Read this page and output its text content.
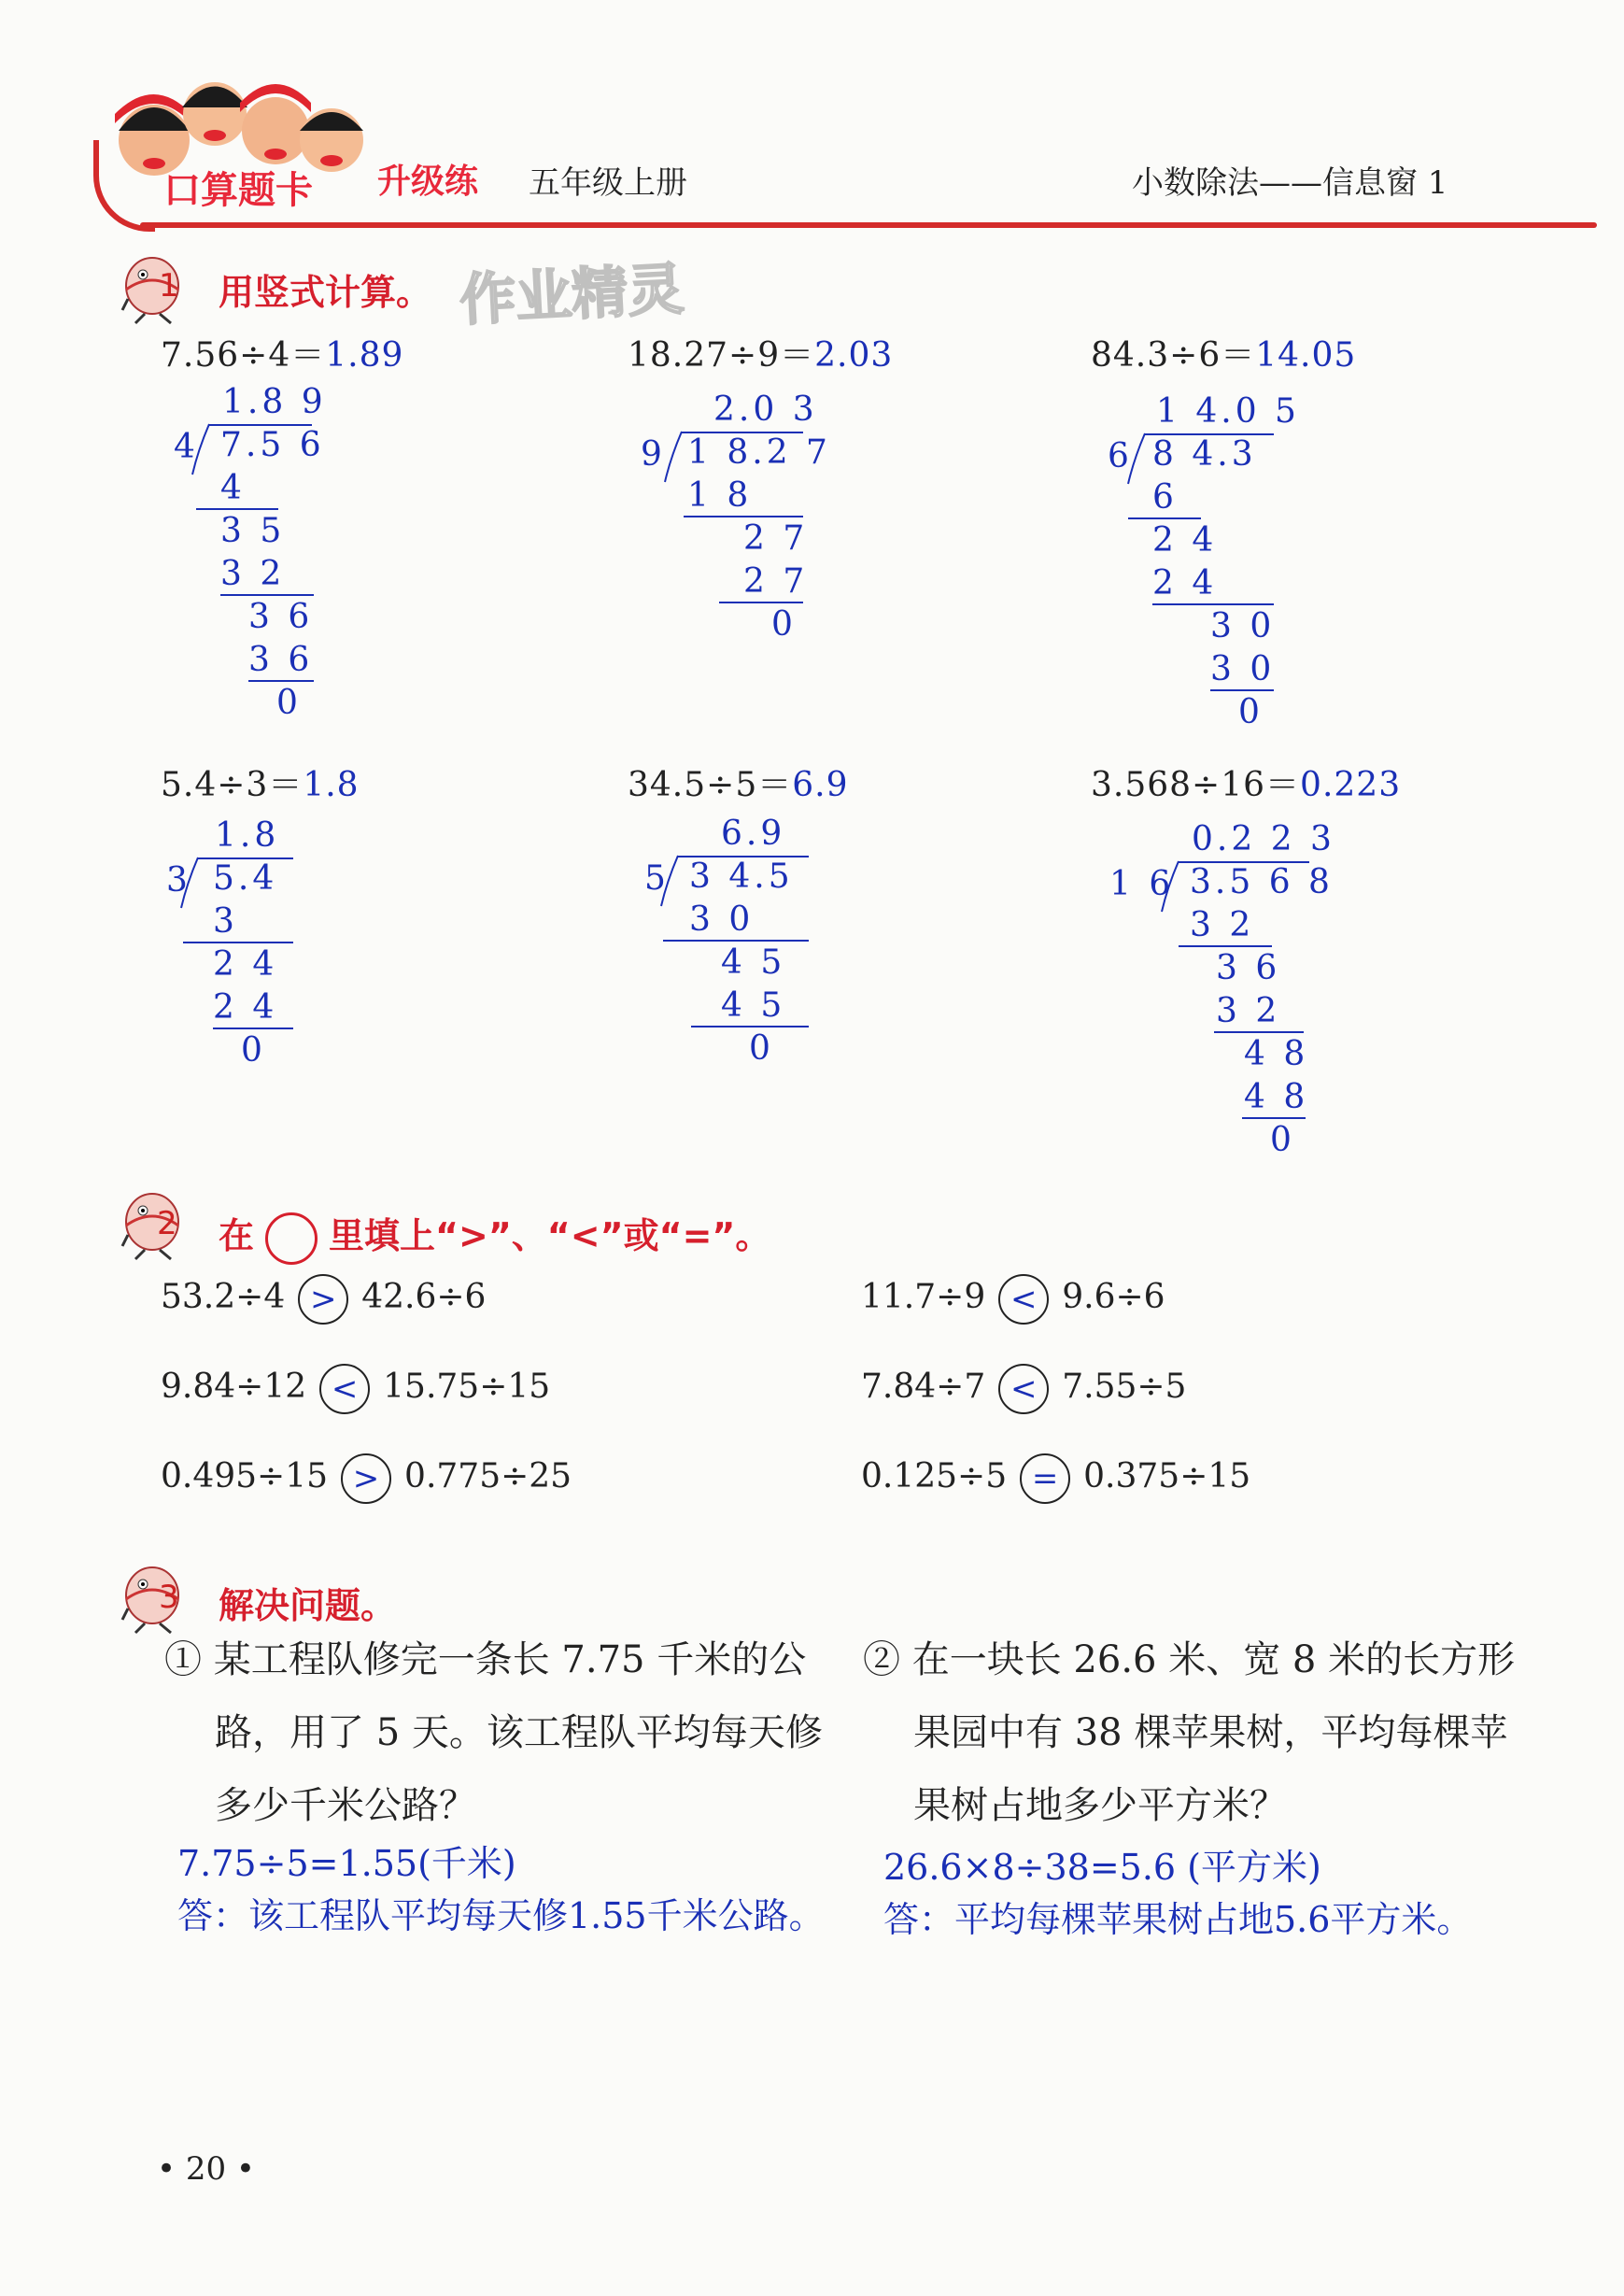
口算题卡 升级练 五年级上册	小数除法——信息窗 1
1 用竖式计算。 作业精灵
7.56÷4＝1.89	18.27÷9＝2.03	84.3÷6＝14.05
1.8 9
4 7.5 6
4
3 5
3 2
3 6
3 6
0
2.0 3
9 1 8.2 7
1 8
2 7
2 7
0
1 4.0 5
6 8 4.3
6
2 4
2 4
3 0
3 0
0
5.4÷3＝1.8	34.5÷5＝6.9	3.568÷16＝0.223
1.8
3 5.4
3
2 4
2 4
0
6.9
5 3 4.5
3 0
4 5
4 5
0
0.2 2 3
1 6 3.5 6 8
3 2
3 6
3 2
4 8
4 8
0
2 在 里填上“>”、“<”或“=”。
53.2÷4 > 42.6÷6	11.7÷9 < 9.6÷6
9.84÷12 < 15.75÷15	7.84÷7 < 7.55÷5
0.495÷15 > 0.775÷25	0.125÷5 = 0.375÷15
3 解决问题。
① 某工程队修完一条长 7.75 千米的公
路，用了 5 天。该工程队平均每天修
多少千米公路？
7.75÷5=1.55(千米)
答：该工程队平均每天修1.55千米公路。
② 在一块长 26.6 米、宽 8 米的长方形
果园中有 38 棵苹果树，平均每棵苹
果树占地多少平方米？
26.6×8÷38=5.6 (平方米)
答：平均每棵苹果树占地5.6平方米。
• 20 •
